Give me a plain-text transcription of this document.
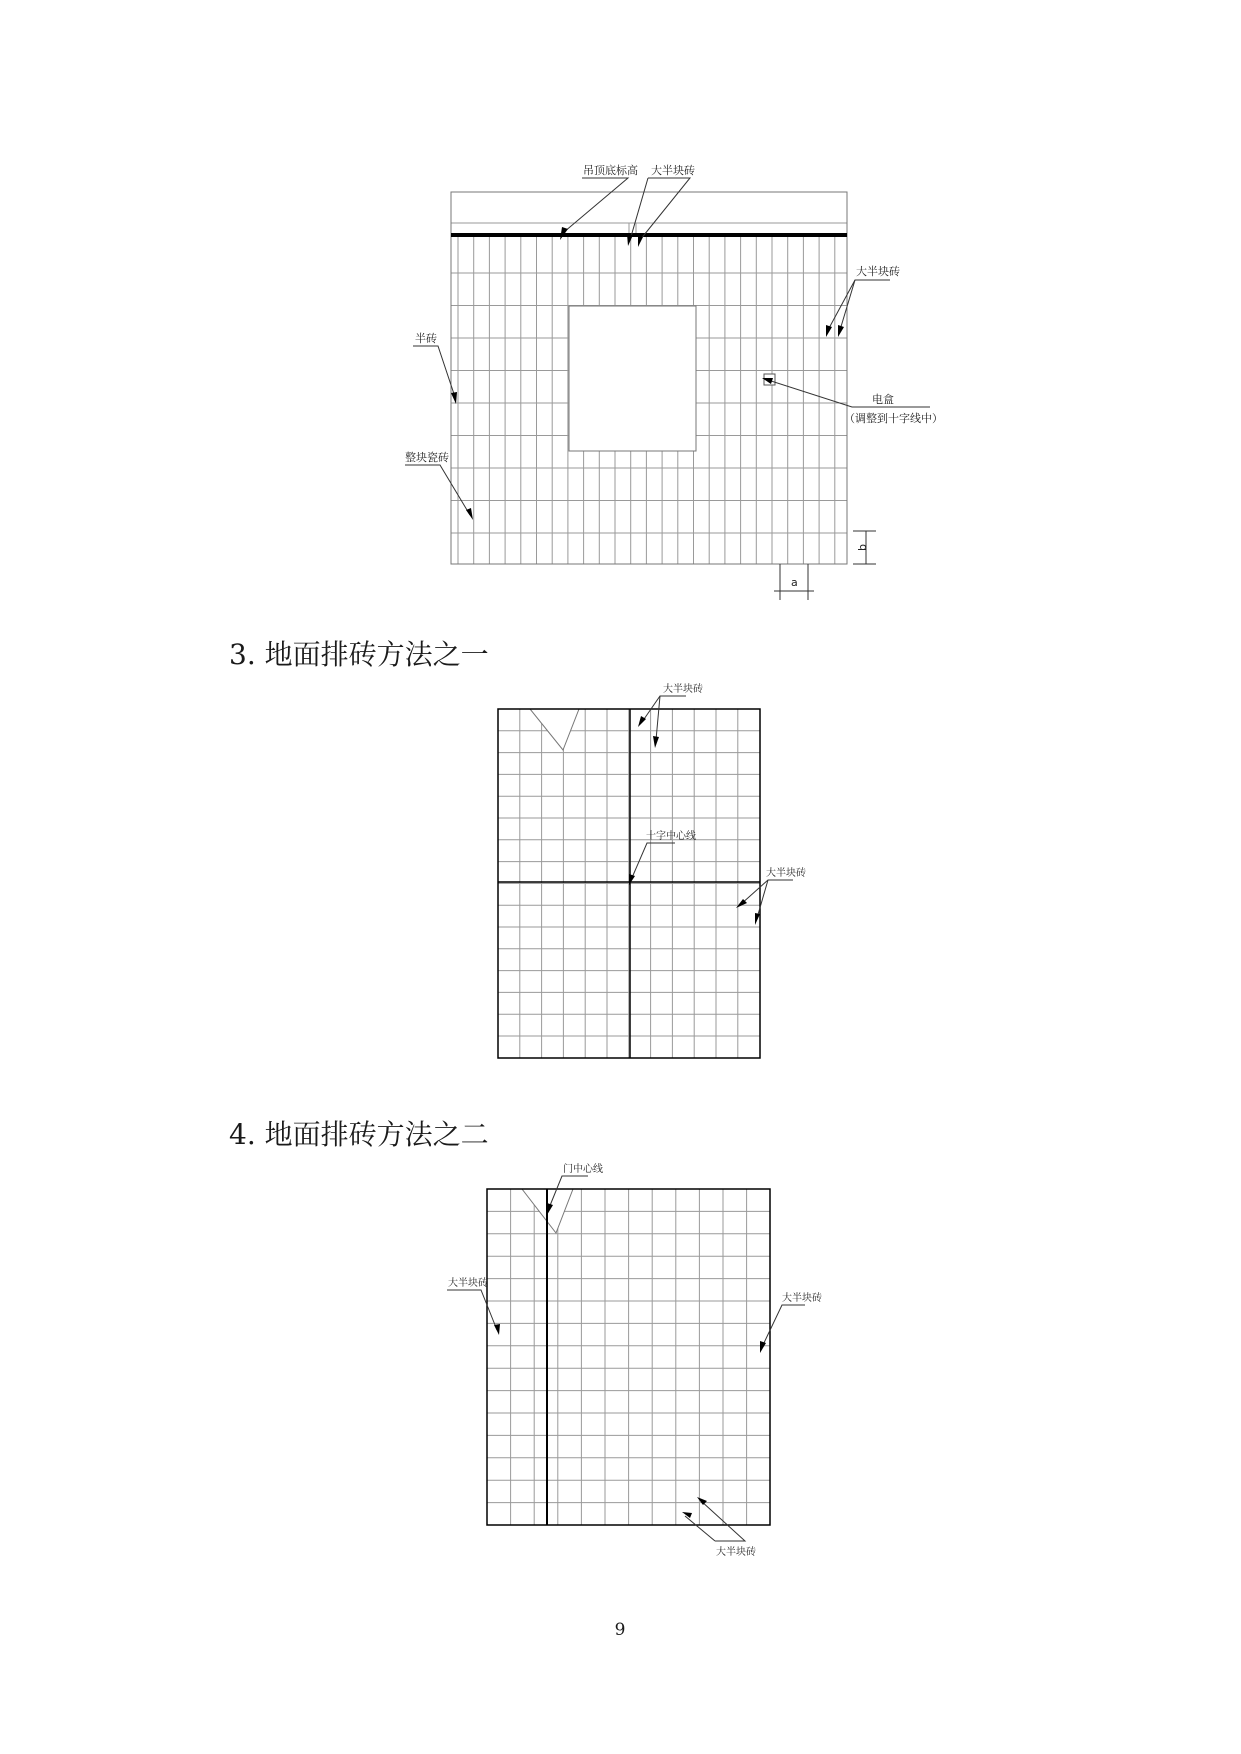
吊顶底标高 大半块砖
大半块砖
半砖
整块瓷砖
电盒
（调整到十字线中）
b
a
大半块砖
十字中心线
大半块砖
门中心线
大半块砖
大半块砖
大半块砖
3. 地面排砖方法之一
4. 地面排砖方法之二
9
